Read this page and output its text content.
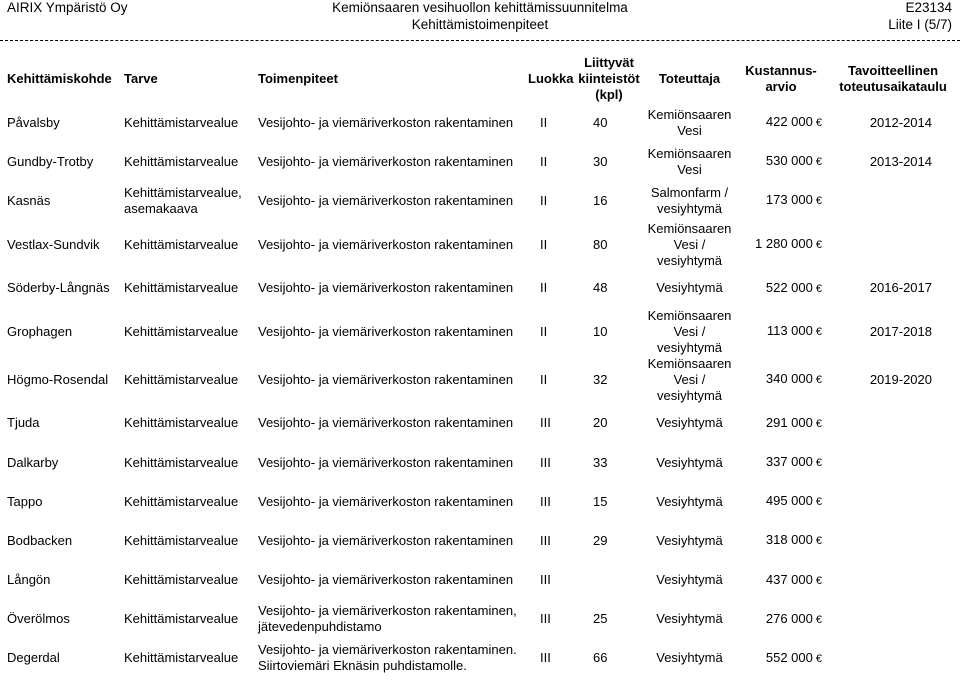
AIRIX Ympäristö Oy	Kemiönsaaren vesihuollon kehittämissuunnitelma
Kehittämistoimenpiteet
E23134
Liite I (5/7)
Kehittämiskohde	Tarve	Toimenpiteet	Luokka	Liittyvät kiinteistöt (kpl)	Toteuttaja	Kustannus-arvio	Tavoitteellinen toteutusaikataulu
Påvalsby	Kehittämistarvealue	Vesijohto- ja viemäriverkoston rakentaminen	II	40	Kemiönsaaren Vesi	422 000 €	2012-2014
Gundby-Trotby	Kehittämistarvealue	Vesijohto- ja viemäriverkoston rakentaminen	II	30	Kemiönsaaren Vesi	530 000 €	2013-2014
Kasnäs	Kehittämistarvealue, asemakaava	Vesijohto- ja viemäriverkoston rakentaminen	II	16	Salmonfarm / vesiyhtymä	173 000 €	
Vestlax-Sundvik	Kehittämistarvealue	Vesijohto- ja viemäriverkoston rakentaminen	II	80	Kemiönsaaren Vesi / vesiyhtymä	1 280 000 €	
Söderby-Långnäs	Kehittämistarvealue	Vesijohto- ja viemäriverkoston rakentaminen	II	48	Vesiyhtymä	522 000 €	2016-2017
Grophagen	Kehittämistarvealue	Vesijohto- ja viemäriverkoston rakentaminen	II	10	Kemiönsaaren Vesi / vesiyhtymä	113 000 €	2017-2018
Högmo-Rosendal	Kehittämistarvealue	Vesijohto- ja viemäriverkoston rakentaminen	II	32	Kemiönsaaren Vesi / vesiyhtymä	340 000 €	2019-2020
Tjuda	Kehittämistarvealue	Vesijohto- ja viemäriverkoston rakentaminen	III	20	Vesiyhtymä	291 000 €	
Dalkarby	Kehittämistarvealue	Vesijohto- ja viemäriverkoston rakentaminen	III	33	Vesiyhtymä	337 000 €	
Tappo	Kehittämistarvealue	Vesijohto- ja viemäriverkoston rakentaminen	III	15	Vesiyhtymä	495 000 €	
Bodbacken	Kehittämistarvealue	Vesijohto- ja viemäriverkoston rakentaminen	III	29	Vesiyhtymä	318 000 €	
Långön	Kehittämistarvealue	Vesijohto- ja viemäriverkoston rakentaminen	III		Vesiyhtymä	437 000 €	
Överölmos	Kehittämistarvealue	Vesijohto- ja viemäriverkoston rakentaminen, jätevedenpuhdistamo	III	25	Vesiyhtymä	276 000 €	
Degerdal	Kehittämistarvealue	Vesijohto- ja viemäriverkoston rakentaminen. Siirtoviemäri Eknäsin puhdistamolle.	III	66	Vesiyhtymä	552 000 €	
